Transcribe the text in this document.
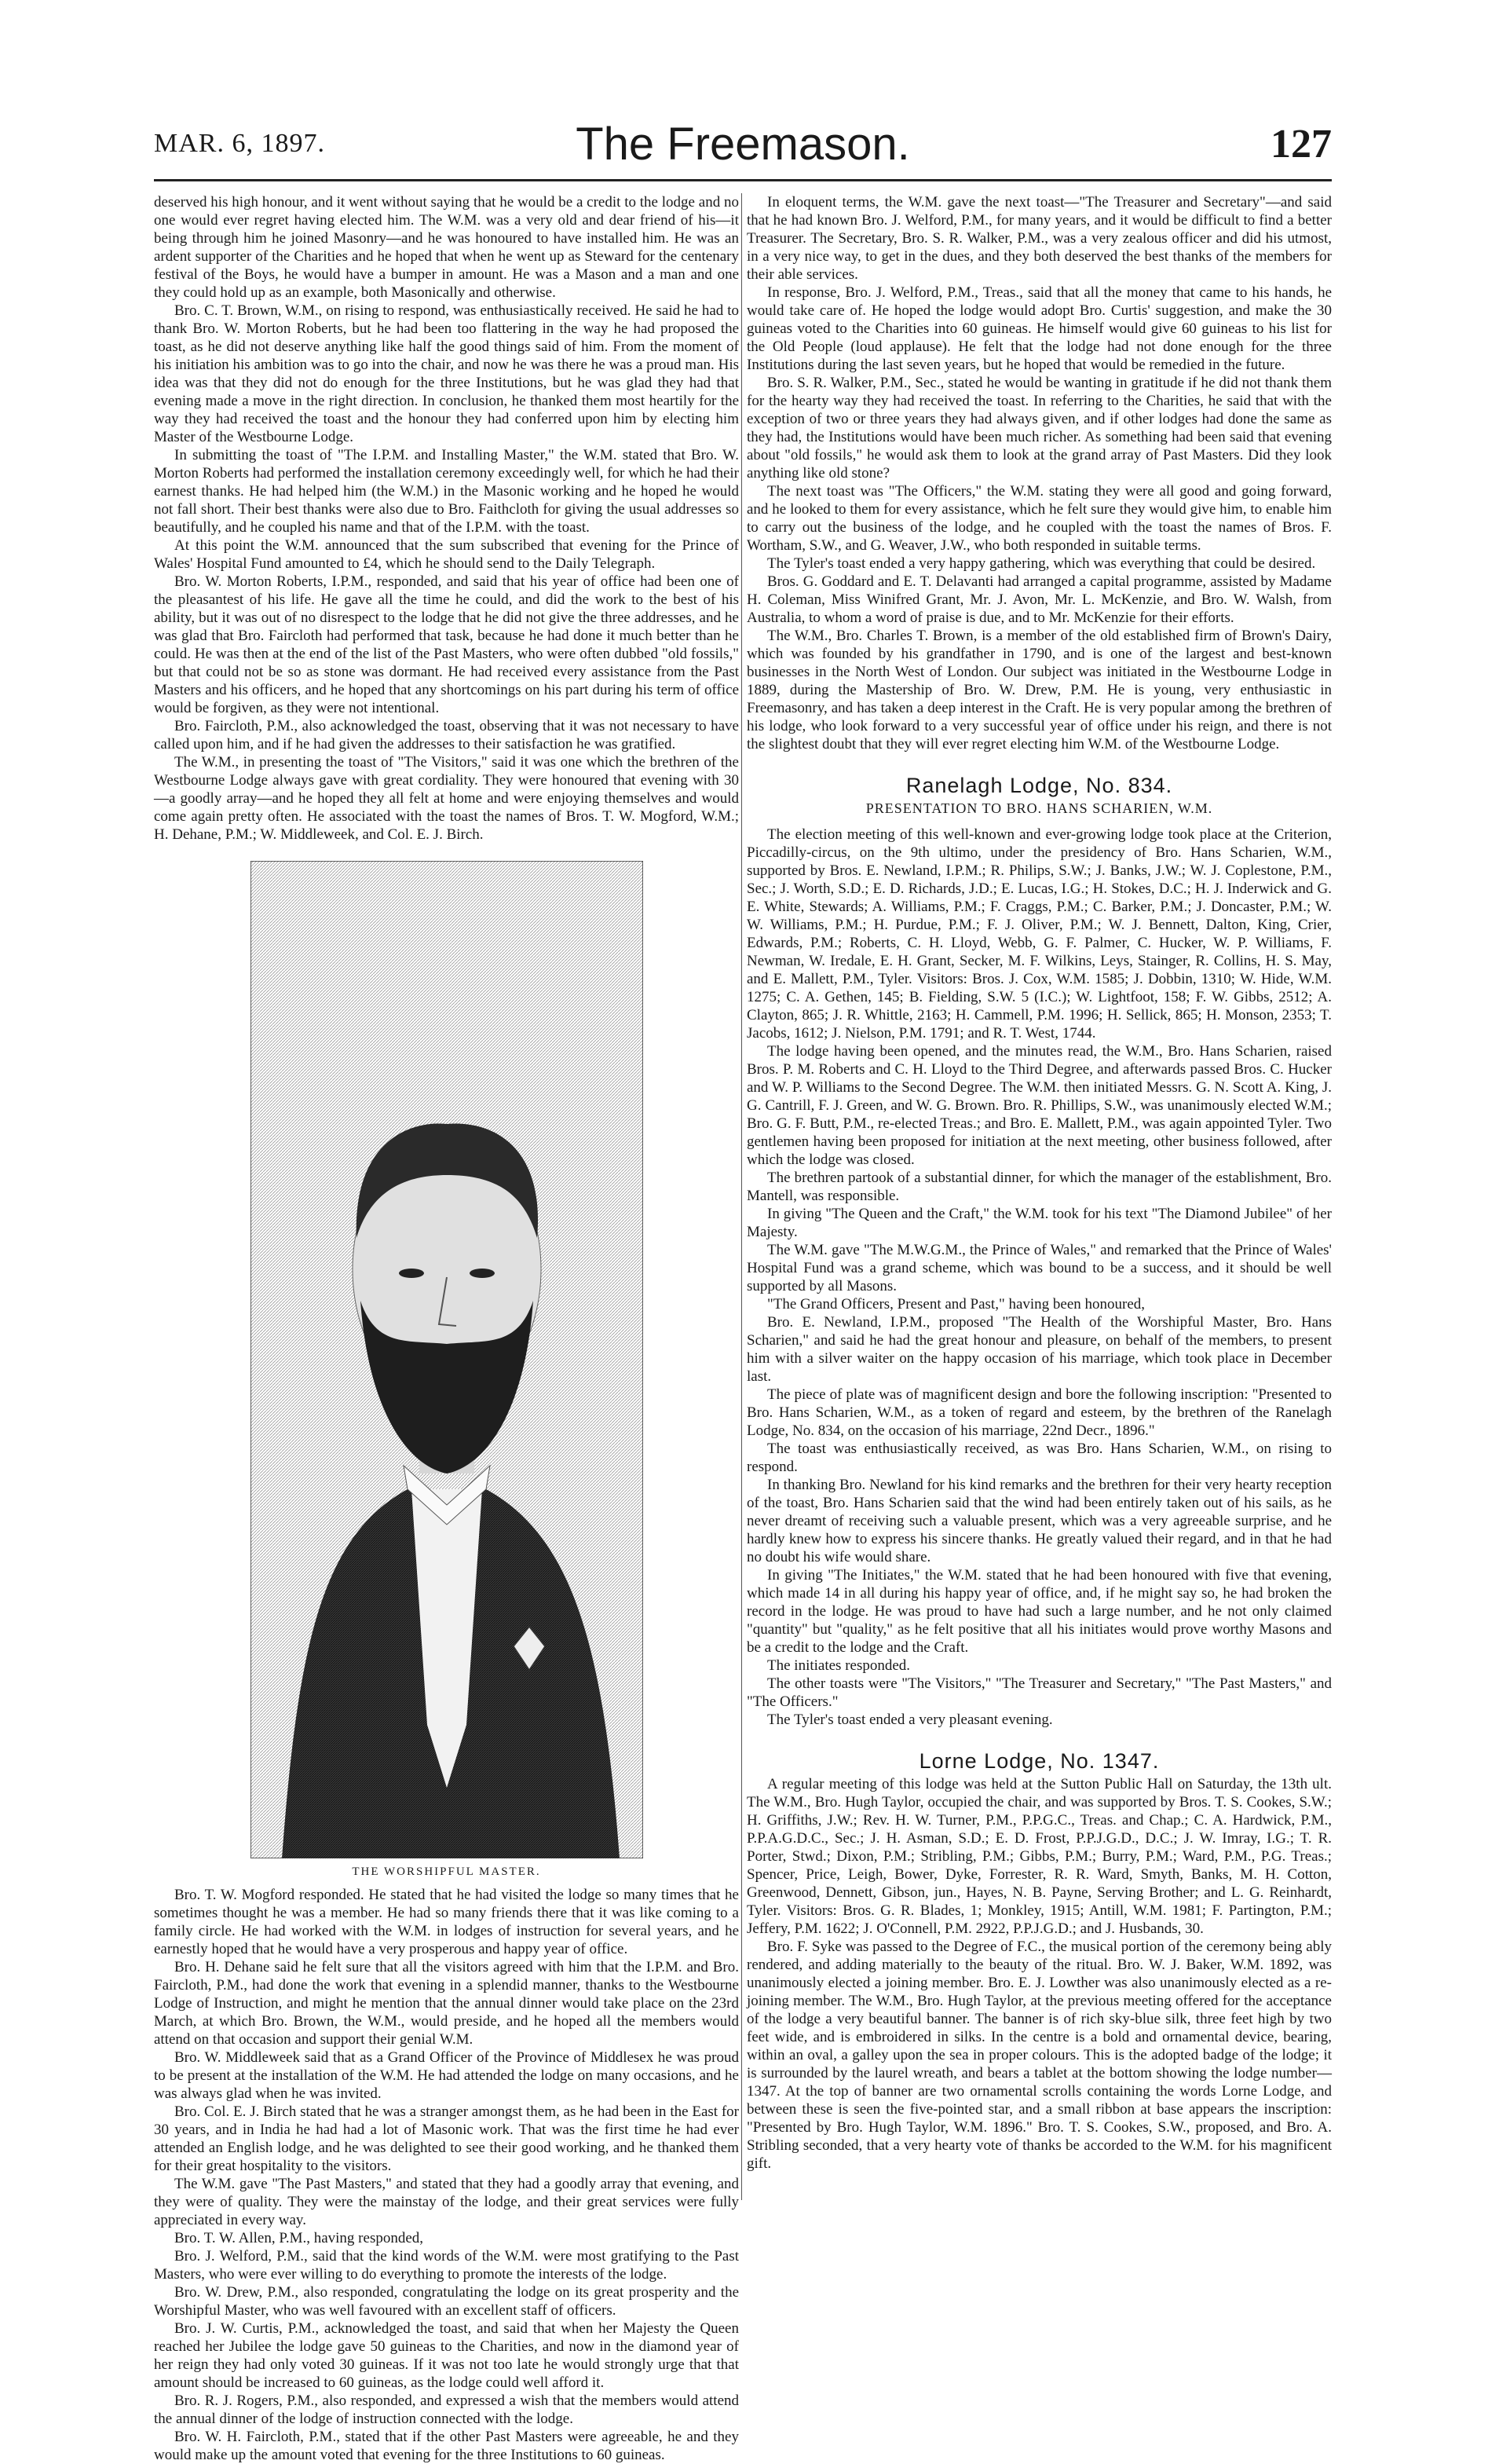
MAR. 6, 1897.	The Freemason.	127

deserved his high honour, and it went without saying that he would be a credit to the lodge and no one would ever regret having elected him. The W.M. was a very old and dear friend of his—it being through him he joined Masonry—and he was honoured to have installed him. He was an ardent supporter of the Charities and he hoped that when he went up as Steward for the centenary festival of the Boys, he would have a bumper in amount. He was a Mason and a man and one they could hold up as an example, both Masonically and otherwise.

Bro. C. T. Brown, W.M., on rising to respond, was enthusiastically received. He said he had to thank Bro. W. Morton Roberts, but he had been too flattering in the way he had proposed the toast, as he did not deserve anything like half the good things said of him. From the moment of his initiation his ambition was to go into the chair, and now he was there he was a proud man. His idea was that they did not do enough for the three Institutions, but he was glad they had that evening made a move in the right direction. In conclusion, he thanked them most heartily for the way they had received the toast and the honour they had conferred upon him by electing him Master of the Westbourne Lodge.

In submitting the toast of "The I.P.M. and Installing Master," the W.M. stated that Bro. W. Morton Roberts had performed the installation ceremony exceedingly well, for which he had their earnest thanks. He had helped him (the W.M.) in the Masonic working and he hoped he would not fall short. Their best thanks were also due to Bro. Faithcloth for giving the usual addresses so beautifully, and he coupled his name and that of the I.P.M. with the toast.

At this point the W.M. announced that the sum subscribed that evening for the Prince of Wales' Hospital Fund amounted to £4, which he should send to the Daily Telegraph.

Bro. W. Morton Roberts, I.P.M., responded, and said that his year of office had been one of the pleasantest of his life. He gave all the time he could, and did the work to the best of his ability, but it was out of no disrespect to the lodge that he did not give the three addresses, and he was glad that Bro. Faircloth had performed that task, because he had done it much better than he could. He was then at the end of the list of the Past Masters, who were often dubbed "old fossils," but that could not be so as stone was dormant. He had received every assistance from the Past Masters and his officers, and he hoped that any shortcomings on his part during his term of office would be forgiven, as they were not intentional.

Bro. Faircloth, P.M., also acknowledged the toast, observing that it was not necessary to have called upon him, and if he had given the addresses to their satisfaction he was gratified.

The W.M., in presenting the toast of "The Visitors," said it was one which the brethren of the Westbourne Lodge always gave with great cordiality. They were honoured that evening with 30—a goodly array—and he hoped they all felt at home and were enjoying themselves and would come again pretty often. He associated with the toast the names of Bros. T. W. Mogford, W.M.; H. Dehane, P.M.; W. Middleweek, and Col. E. J. Birch.

THE WORSHIPFUL MASTER.

Bro. T. W. Mogford responded. He stated that he had visited the lodge so many times that he sometimes thought he was a member. He had so many friends there that it was like coming to a family circle. He had worked with the W.M. in lodges of instruction for several years, and he earnestly hoped that he would have a very prosperous and happy year of office.

Bro. H. Dehane said he felt sure that all the visitors agreed with him that the I.P.M. and Bro. Faircloth, P.M., had done the work that evening in a splendid manner, thanks to the Westbourne Lodge of Instruction, and might he mention that the annual dinner would take place on the 23rd March, at which Bro. Brown, the W.M., would preside, and he hoped all the members would attend on that occasion and support their genial W.M.

Bro. W. Middleweek said that as a Grand Officer of the Province of Middlesex he was proud to be present at the installation of the W.M. He had attended the lodge on many occasions, and he was always glad when he was invited.

Bro. Col. E. J. Birch stated that he was a stranger amongst them, as he had been in the East for 30 years, and in India he had had a lot of Masonic work. That was the first time he had ever attended an English lodge, and he was delighted to see their good working, and he thanked them for their great hospitality to the visitors.

The W.M. gave "The Past Masters," and stated that they had a goodly array that evening, and they were of quality. They were the mainstay of the lodge, and their great services were fully appreciated in every way.

Bro. T. W. Allen, P.M., having responded,

Bro. J. Welford, P.M., said that the kind words of the W.M. were most gratifying to the Past Masters, who were ever willing to do everything to promote the interests of the lodge.

Bro. W. Drew, P.M., also responded, congratulating the lodge on its great prosperity and the Worshipful Master, who was well favoured with an excellent staff of officers.

Bro. J. W. Curtis, P.M., acknowledged the toast, and said that when her Majesty the Queen reached her Jubilee the lodge gave 50 guineas to the Charities, and now in the diamond year of her reign they had only voted 30 guineas. If it was not too late he would strongly urge that that amount should be increased to 60 guineas, as the lodge could well afford it.

Bro. R. J. Rogers, P.M., also responded, and expressed a wish that the members would attend the annual dinner of the lodge of instruction connected with the lodge.

Bro. W. H. Faircloth, P.M., stated that if the other Past Masters were agreeable, he and they would make up the amount voted that evening for the three Institutions to 60 guineas.

In eloquent terms, the W.M. gave the next toast—"The Treasurer and Secretary"—and said that he had known Bro. J. Welford, P.M., for many years, and it would be difficult to find a better Treasurer. The Secretary, Bro. S. R. Walker, P.M., was a very zealous officer and did his utmost, in a very nice way, to get in the dues, and they both deserved the best thanks of the members for their able services.

In response, Bro. J. Welford, P.M., Treas., said that all the money that came to his hands, he would take care of. He hoped the lodge would adopt Bro. Curtis' suggestion, and make the 30 guineas voted to the Charities into 60 guineas. He himself would give 60 guineas to his list for the Old People (loud applause). He felt that the lodge had not done enough for the three Institutions during the last seven years, but he hoped that would be remedied in the future.

Bro. S. R. Walker, P.M., Sec., stated he would be wanting in gratitude if he did not thank them for the hearty way they had received the toast. In referring to the Charities, he said that with the exception of two or three years they had always given, and if other lodges had done the same as they had, the Institutions would have been much richer. As something had been said that evening about "old fossils," he would ask them to look at the grand array of Past Masters. Did they look anything like old stone?

The next toast was "The Officers," the W.M. stating they were all good and going forward, and he looked to them for every assistance, which he felt sure they would give him, to enable him to carry out the business of the lodge, and he coupled with the toast the names of Bros. F. Wortham, S.W., and G. Weaver, J.W., who both responded in suitable terms.

The Tyler's toast ended a very happy gathering, which was everything that could be desired.

Bros. G. Goddard and E. T. Delavanti had arranged a capital programme, assisted by Madame H. Coleman, Miss Winifred Grant, Mr. J. Avon, Mr. L. McKenzie, and Bro. W. Walsh, from Australia, to whom a word of praise is due, and to Mr. McKenzie for their efforts.

The W.M., Bro. Charles T. Brown, is a member of the old established firm of Brown's Dairy, which was founded by his grandfather in 1790, and is one of the largest and best-known businesses in the North West of London. Our subject was initiated in the Westbourne Lodge in 1889, during the Mastership of Bro. W. Drew, P.M. He is young, very enthusiastic in Freemasonry, and has taken a deep interest in the Craft. He is very popular among the brethren of his lodge, who look forward to a very successful year of office under his reign, and there is not the slightest doubt that they will ever regret electing him W.M. of the Westbourne Lodge.

Ranelagh Lodge, No. 834.
PRESENTATION TO BRO. HANS SCHARIEN, W.M.

The election meeting of this well-known and ever-growing lodge took place at the Criterion, Piccadilly-circus, on the 9th ultimo, under the presidency of Bro. Hans Scharien, W.M., supported by Bros. E. Newland, I.P.M.; R. Philips, S.W.; J. Banks, J.W.; W. J. Coplestone, P.M., Sec.; J. Worth, S.D.; E. D. Richards, J.D.; E. Lucas, I.G.; H. Stokes, D.C.; H. J. Inderwick and G. E. White, Stewards; A. Williams, P.M.; F. Craggs, P.M.; C. Barker, P.M.; J. Doncaster, P.M.; W. W. Williams, P.M.; H. Purdue, P.M.; F. J. Oliver, P.M.; W. J. Bennett, Dalton, King, Crier, Edwards, P.M.; Roberts, C. H. Lloyd, Webb, G. F. Palmer, C. Hucker, W. P. Williams, F. Newman, W. Iredale, E. H. Grant, Secker, M. F. Wilkins, Leys, Stainger, R. Collins, H. S. May, and E. Mallett, P.M., Tyler. Visitors: Bros. J. Cox, W.M. 1585; J. Dobbin, 1310; W. Hide, W.M. 1275; C. A. Gethen, 145; B. Fielding, S.W. 5 (I.C.); W. Lightfoot, 158; F. W. Gibbs, 2512; A. Clayton, 865; J. R. Whittle, 2163; H. Cammell, P.M. 1996; H. Sellick, 865; H. Monson, 2353; T. Jacobs, 1612; J. Nielson, P.M. 1791; and R. T. West, 1744.

The lodge having been opened, and the minutes read, the W.M., Bro. Hans Scharien, raised Bros. P. M. Roberts and C. H. Lloyd to the Third Degree, and afterwards passed Bros. C. Hucker and W. P. Williams to the Second Degree. The W.M. then initiated Messrs. G. N. Scott A. King, J. G. Cantrill, F. J. Green, and W. G. Brown. Bro. R. Phillips, S.W., was unanimously elected W.M.; Bro. G. F. Butt, P.M., re-elected Treas.; and Bro. E. Mallett, P.M., was again appointed Tyler. Two gentlemen having been proposed for initiation at the next meeting, other business followed, after which the lodge was closed.

The brethren partook of a substantial dinner, for which the manager of the establishment, Bro. Mantell, was responsible.

In giving "The Queen and the Craft," the W.M. took for his text "The Diamond Jubilee" of her Majesty.

The W.M. gave "The M.W.G.M., the Prince of Wales," and remarked that the Prince of Wales' Hospital Fund was a grand scheme, which was bound to be a success, and it should be well supported by all Masons.

"The Grand Officers, Present and Past," having been honoured,

Bro. E. Newland, I.P.M., proposed "The Health of the Worshipful Master, Bro. Hans Scharien," and said he had the great honour and pleasure, on behalf of the members, to present him with a silver waiter on the happy occasion of his marriage, which took place in December last.

The piece of plate was of magnificent design and bore the following inscription: "Presented to Bro. Hans Scharien, W.M., as a token of regard and esteem, by the brethren of the Ranelagh Lodge, No. 834, on the occasion of his marriage, 22nd Decr., 1896."

The toast was enthusiastically received, as was Bro. Hans Scharien, W.M., on rising to respond.

In thanking Bro. Newland for his kind remarks and the brethren for their very hearty reception of the toast, Bro. Hans Scharien said that the wind had been entirely taken out of his sails, as he never dreamt of receiving such a valuable present, which was a very agreeable surprise, and he hardly knew how to express his sincere thanks. He greatly valued their regard, and in that he had no doubt his wife would share.

In giving "The Initiates," the W.M. stated that he had been honoured with five that evening, which made 14 in all during his happy year of office, and, if he might say so, he had broken the record in the lodge. He was proud to have had such a large number, and he not only claimed "quantity" but "quality," as he felt positive that all his initiates would prove worthy Masons and be a credit to the lodge and the Craft.

The initiates responded.

The other toasts were "The Visitors," "The Treasurer and Secretary," "The Past Masters," and "The Officers."

The Tyler's toast ended a very pleasant evening.

Lorne Lodge, No. 1347.

A regular meeting of this lodge was held at the Sutton Public Hall on Saturday, the 13th ult. The W.M., Bro. Hugh Taylor, occupied the chair, and was supported by Bros. T. S. Cookes, S.W.; H. Griffiths, J.W.; Rev. H. W. Turner, P.M., P.P.G.C., Treas. and Chap.; C. A. Hardwick, P.M., P.P.A.G.D.C., Sec.; J. H. Asman, S.D.; E. D. Frost, P.P.J.G.D., D.C.; J. W. Imray, I.G.; T. R. Porter, Stwd.; Dixon, P.M.; Stribling, P.M.; Gibbs, P.M.; Burry, P.M.; Ward, P.M., P.G. Treas.; Spencer, Price, Leigh, Bower, Dyke, Forrester, R. R. Ward, Smyth, Banks, M. H. Cotton, Greenwood, Dennett, Gibson, jun., Hayes, N. B. Payne, Serving Brother; and L. G. Reinhardt, Tyler. Visitors: Bros. G. R. Blades, 1; Monkley, 1915; Antill, W.M. 1981; F. Partington, P.M.; Jeffery, P.M. 1622; J. O'Connell, P.M. 2922, P.P.J.G.D.; and J. Husbands, 30.

Bro. F. Syke was passed to the Degree of F.C., the musical portion of the ceremony being ably rendered, and adding materially to the beauty of the ritual. Bro. W. J. Baker, W.M. 1892, was unanimously elected a joining member. Bro. E. J. Lowther was also unanimously elected as a re-joining member. The W.M., Bro. Hugh Taylor, at the previous meeting offered for the acceptance of the lodge a very beautiful banner. The banner is of rich sky-blue silk, three feet high by two feet wide, and is embroidered in silks. In the centre is a bold and ornamental device, bearing, within an oval, a galley upon the sea in proper colours. This is the adopted badge of the lodge; it is surrounded by the laurel wreath, and bears a tablet at the bottom showing the lodge number—1347. At the top of banner are two ornamental scrolls containing the words Lorne Lodge, and between these is seen the five-pointed star, and a small ribbon at base appears the inscription: "Presented by Bro. Hugh Taylor, W.M. 1896." Bro. T. S. Cookes, S.W., proposed, and Bro. A. Stribling seconded, that a very hearty vote of thanks be accorded to the W.M. for his magnificent gift.
